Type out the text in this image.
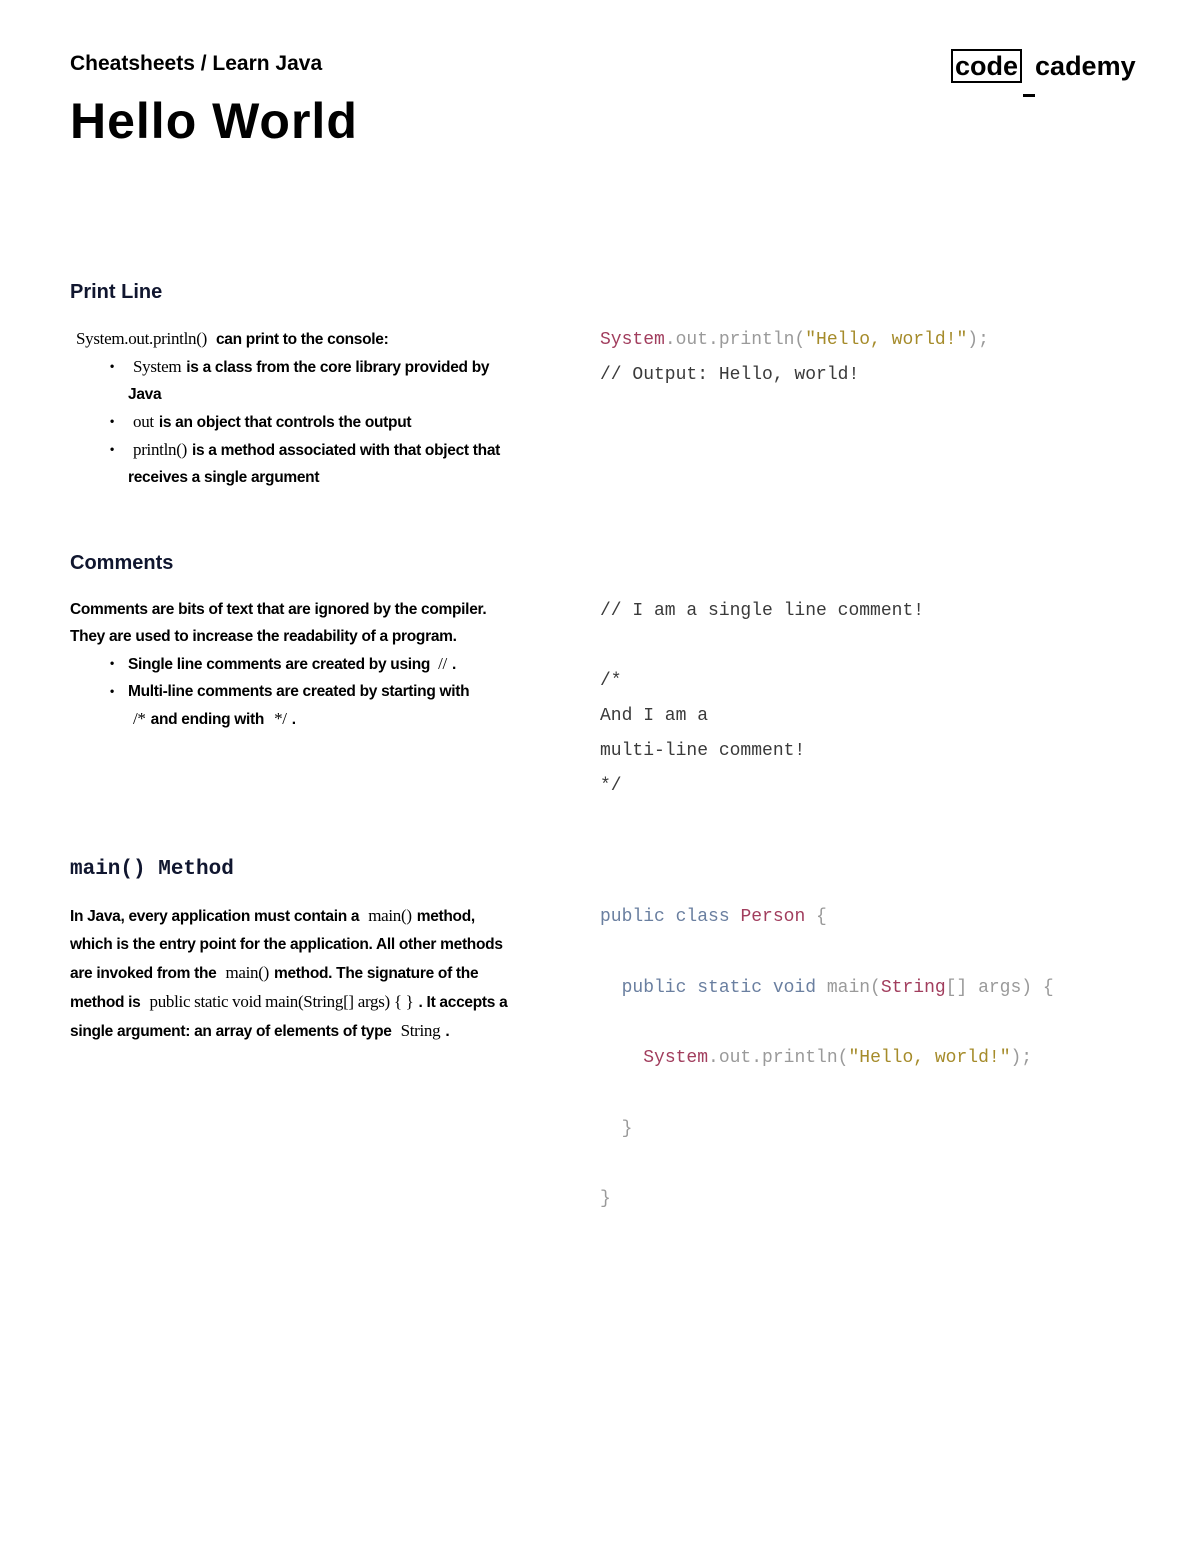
Cheatsheets / Learn Java
Hello World
code cademy
Print Line
System.out.println() can print to the console:
• System is a class from the core library provided by Java
• out is an object that controls the output
• println() is a method associated with that object that receives a single argument
System.out.println("Hello, world!");
// Output: Hello, world!
Comments
Comments are bits of text that are ignored by the compiler. They are used to increase the readability of a program.
• Single line comments are created by using // .
• Multi-line comments are created by starting with
/* and ending with */ .
// I am a single line comment!
/*
And I am a
multi-line comment!
*/
main() Method
In Java, every application must contain a main() method, which is the entry point for the application. All other methods are invoked from the main() method. The signature of the method is public static void main(String[] args) { } . It accepts a single argument: an array of elements of type String .
public class Person {
public static void main(String[] args) {
System.out.println("Hello, world!");
}
}
